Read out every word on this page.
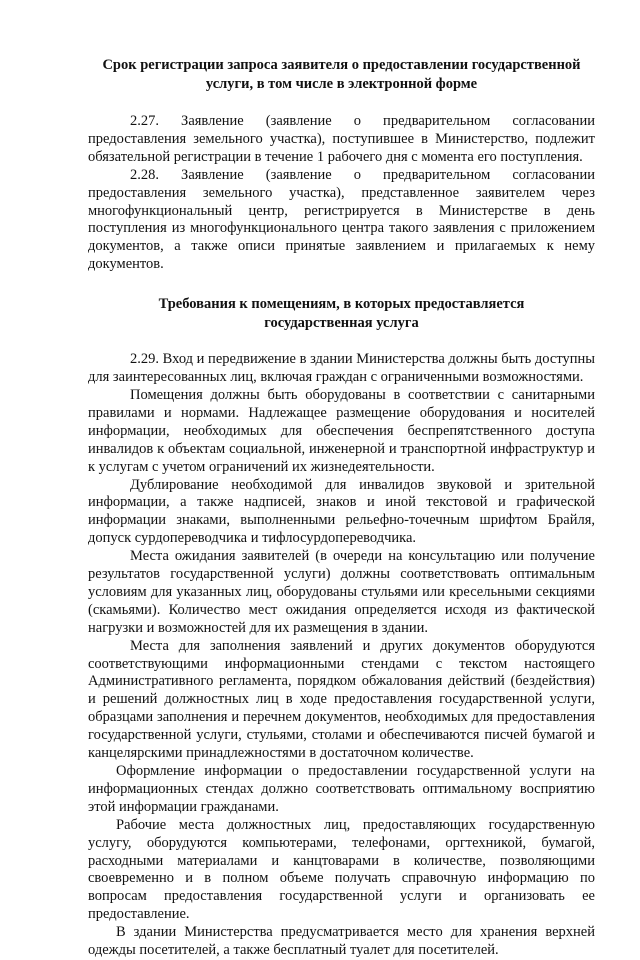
Срок регистрации запроса заявителя о предоставлении государственной
услуги, в том числе в электронной форме

2.27. Заявление (заявление о предварительном согласовании предоставления земельного участка), поступившее в Министерство, подлежит обязательной регистрации в течение 1 рабочего дня с момента его поступления.

2.28. Заявление (заявление о предварительном согласовании предоставления земельного участка), представленное заявителем через многофункциональный центр, регистрируется в Министерстве в день поступления из многофункционального центра такого заявления с приложением документов, а также описи принятые заявлением и прилагаемых к нему документов.

Требования к помещениям, в которых предоставляется
государственная услуга

2.29. Вход и передвижение в здании Министерства должны быть доступны для заинтересованных лиц, включая граждан с ограниченными возможностями.

Помещения должны быть оборудованы в соответствии с санитарными правилами и нормами. Надлежащее размещение оборудования и носителей информации, необходимых для обеспечения беспрепятственного доступа инвалидов к объектам социальной, инженерной и транспортной инфраструктур и к услугам с учетом ограничений их жизнедеятельности.

Дублирование необходимой для инвалидов звуковой и зрительной информации, а также надписей, знаков и иной текстовой и графической информации знаками, выполненными рельефно-точечным шрифтом Брайля, допуск сурдопереводчика и тифлосурдопереводчика.

Места ожидания заявителей (в очереди на консультацию или получение результатов государственной услуги) должны соответствовать оптимальным условиям для указанных лиц, оборудованы стульями или кресельными секциями (скамьями). Количество мест ожидания определяется исходя из фактической нагрузки и возможностей для их размещения в здании.

Места для заполнения заявлений и других документов оборудуются соответствующими информационными стендами с текстом настоящего Административного регламента, порядком обжалования действий (бездействия) и решений должностных лиц в ходе предоставления государственной услуги, образцами заполнения и перечнем документов, необходимых для предоставления государственной услуги, стульями, столами и обеспечиваются писчей бумагой и канцелярскими принадлежностями в достаточном количестве.

Оформление информации о предоставлении государственной услуги на информационных стендах должно соответствовать оптимальному восприятию этой информации гражданами.

Рабочие места должностных лиц, предоставляющих государственную услугу, оборудуются компьютерами, телефонами, оргтехникой, бумагой, расходными материалами и канцтоварами в количестве, позволяющими своевременно и в полном объеме получать справочную информацию по вопросам предоставления государственной услуги и организовать ее предоставление.

В здании Министерства предусматривается место для хранения верхней одежды посетителей, а также бесплатный туалет для посетителей.
